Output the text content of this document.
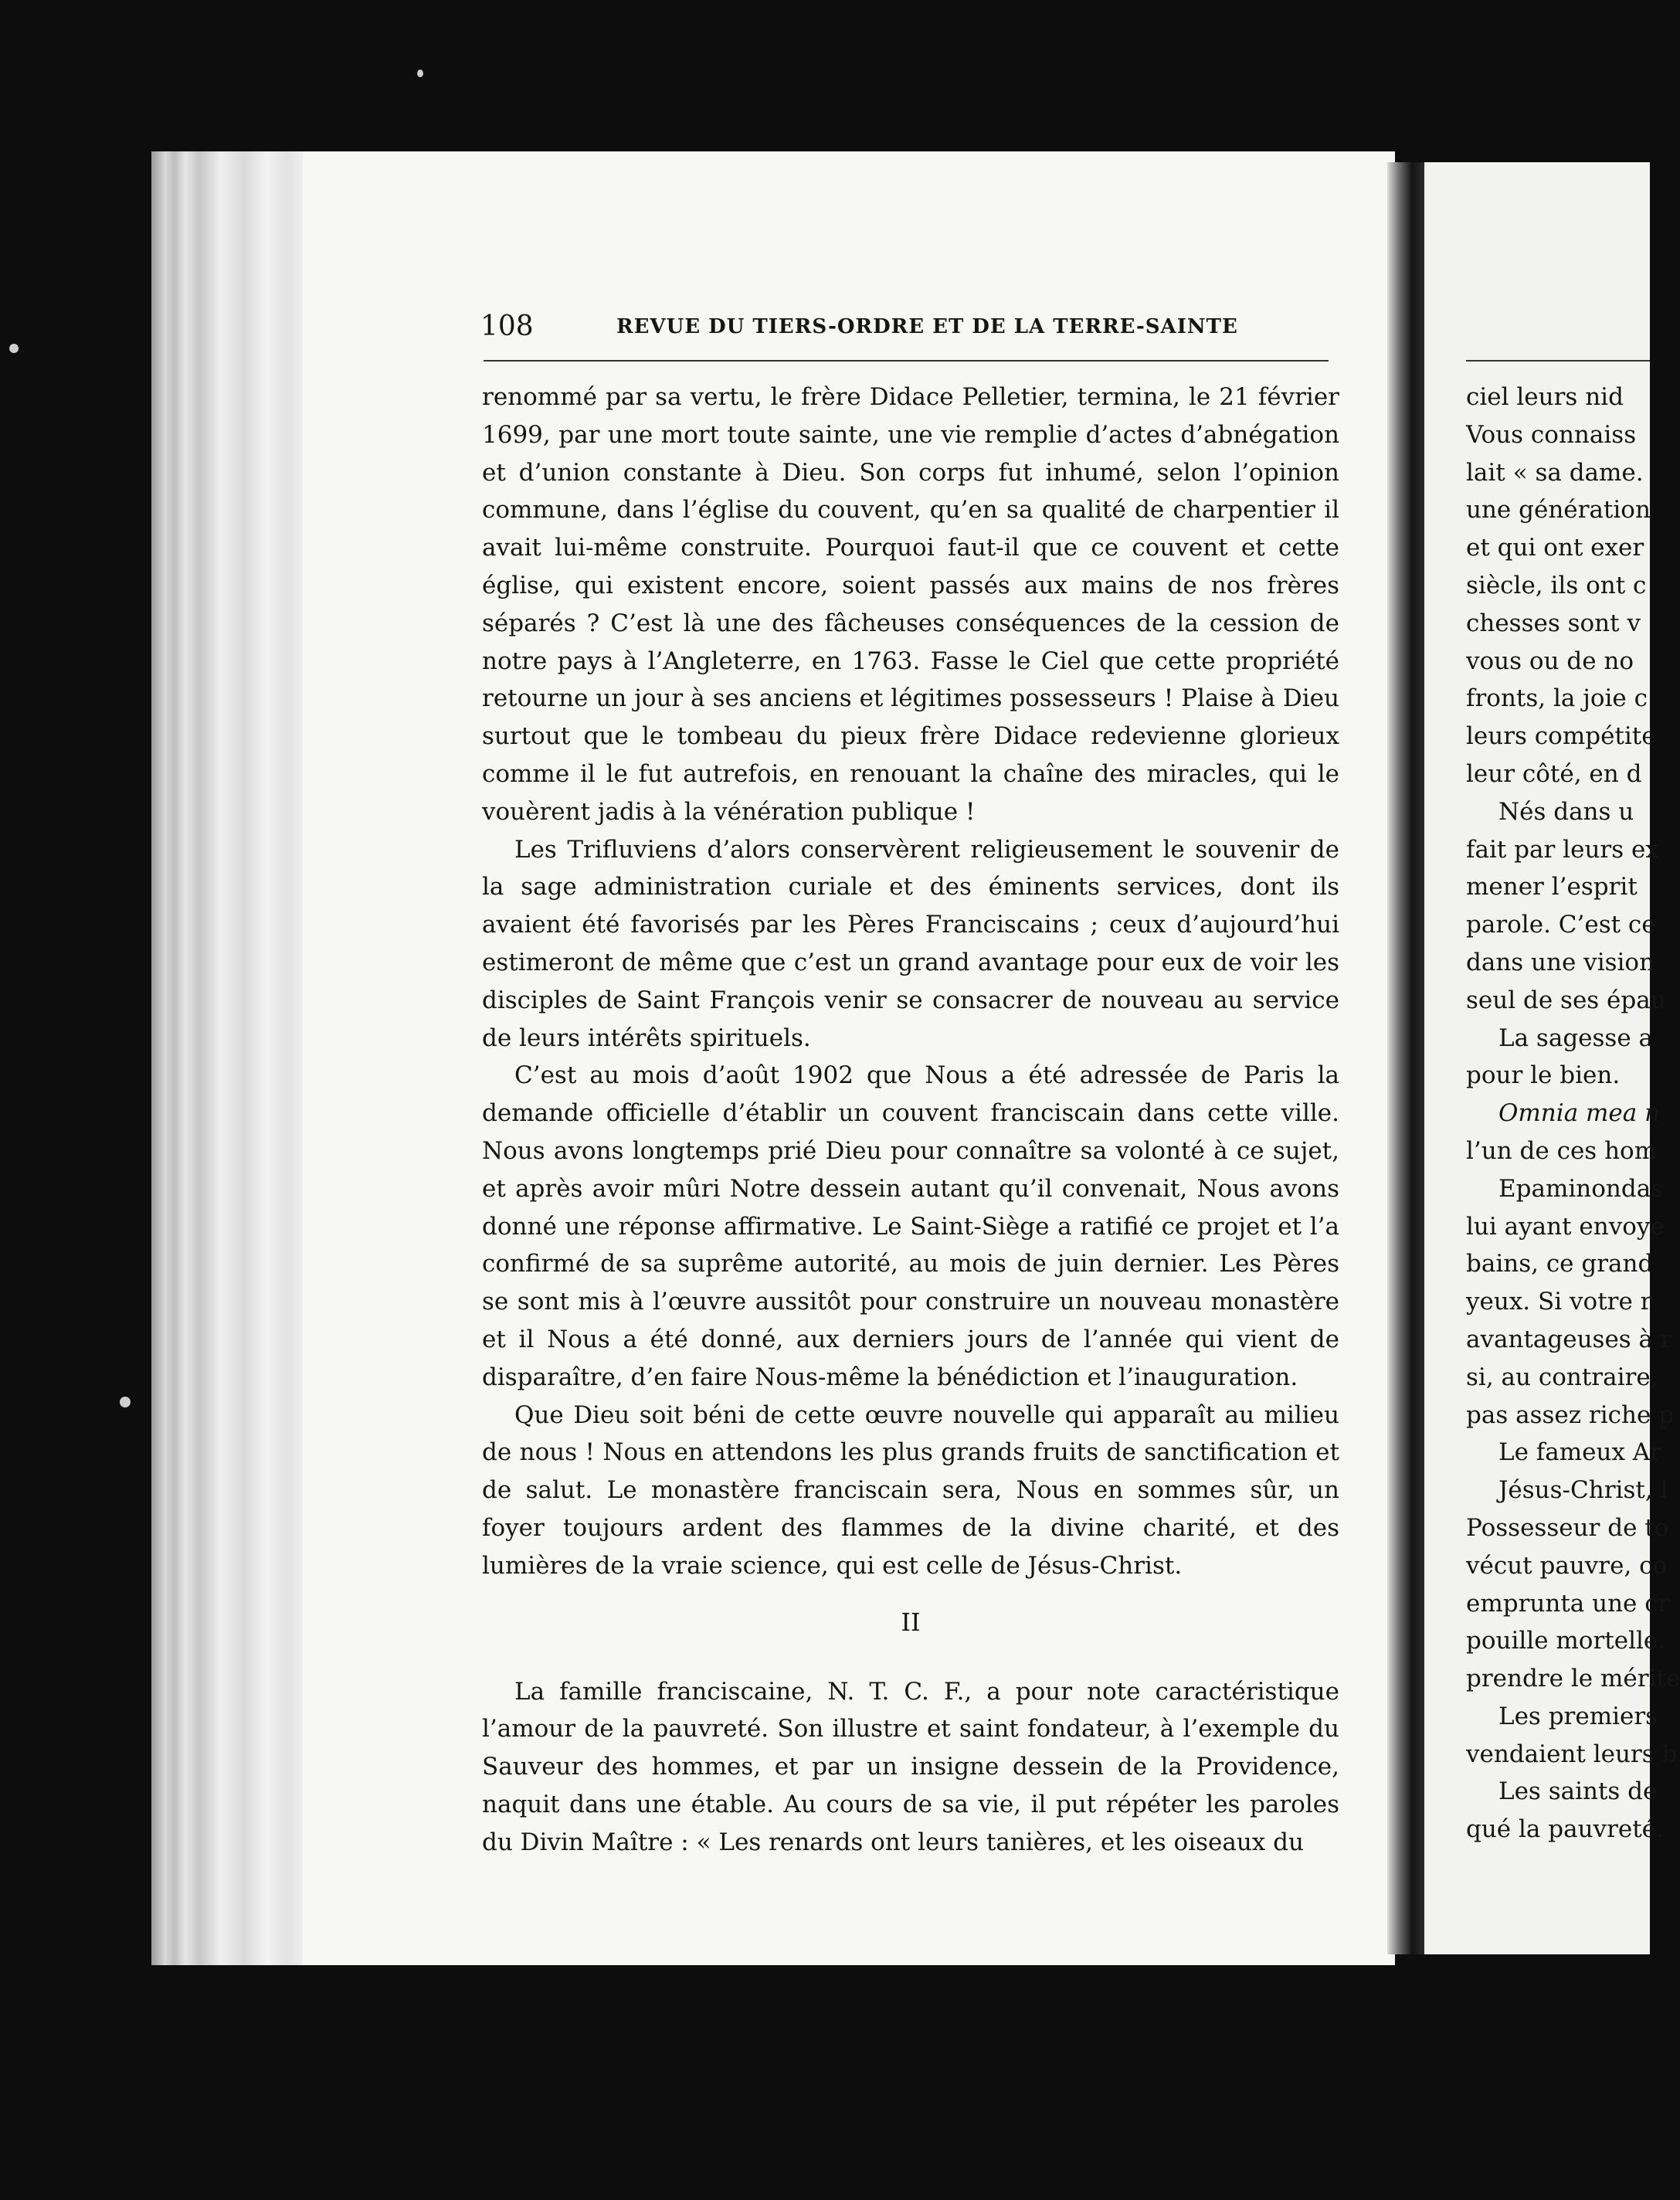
108	REVUE DU TIERS-ORDRE ET DE LA TERRE-SAINTE

renommé par sa vertu, le frère Didace Pelletier, termina, le 21 février 1699, par une mort toute sainte, une vie remplie d’actes d’abnégation et d’union constante à Dieu. Son corps fut inhumé, selon l’opinion commune, dans l’église du couvent, qu’en sa qualité de charpentier il avait lui-même construite. Pourquoi faut-il que ce couvent et cette église, qui existent encore, soient passés aux mains de nos frères séparés ? C’est là une des fâcheuses conséquences de la cession de notre pays à l’Angleterre, en 1763. Fasse le Ciel que cette propriété retourne un jour à ses anciens et légitimes possesseurs ! Plaise à Dieu surtout que le tombeau du pieux frère Didace redevienne glorieux comme il le fut autrefois, en renouant la chaîne des miracles, qui le vouèrent jadis à la vénération publique !

Les Trifluviens d’alors conservèrent religieusement le souvenir de la sage administration curiale et des éminents services, dont ils avaient été favorisés par les Pères Franciscains ; ceux d’aujourd’hui estimeront de même que c’est un grand avantage pour eux de voir les disciples de Saint François venir se consacrer de nouveau au service de leurs intérêts spirituels.

C’est au mois d’août 1902 que Nous a été adressée de Paris la demande officielle d’établir un couvent franciscain dans cette ville. Nous avons longtemps prié Dieu pour connaître sa volonté à ce sujet, et après avoir mûri Notre dessein autant qu’il convenait, Nous avons donné une réponse affirmative. Le Saint-Siège a ratifié ce projet et l’a confirmé de sa suprême autorité, au mois de juin dernier. Les Pères se sont mis à l’œuvre aussitôt pour construire un nouveau monastère et il Nous a été donné, aux derniers jours de l’année qui vient de disparaître, d’en faire Nous-même la bénédiction et l’inauguration.

Que Dieu soit béni de cette œuvre nouvelle qui apparaît au milieu de nous ! Nous en attendons les plus grands fruits de sanctification et de salut. Le monastère franciscain sera, Nous en sommes sûr, un foyer toujours ardent des flammes de la divine charité, et des lumières de la vraie science, qui est celle de Jésus-Christ.

II

La famille franciscaine, N. T. C. F., a pour note caractéristique l’amour de la pauvreté. Son illustre et saint fondateur, à l’exemple du Sauveur des hommes, et par un insigne dessein de la Providence, naquit dans une étable. Au cours de sa vie, il put répéter les paroles du Divin Maître : « Les renards ont leurs tanières, et les oiseaux du

ciel leurs nid
Vous connaiss
lait « sa dame.
une génération
et qui ont exer
siècle, ils ont c
chesses sont v
vous ou de no
fronts, la joie c
leurs compétite
leur côté, en d
Nés dans u
fait par leurs ex
mener l’esprit
parole. C’est ce
dans une vision
seul de ses épau
La sagesse a
pour le bien.
Omnia mea n
l’un de ces hom
Epaminondas
lui ayant envoye
bains, ce grand
yeux. Si votre r
avantageuses à r
si, au contraire,
pas assez riche p
Le fameux Ar
Jésus-Christ, l
Possesseur de to
vécut pauvre, co
emprunta une cr
pouille mortelle.
prendre le mérite
Les premiers
vendaient leurs b
Les saints de
qué la pauvreté.
